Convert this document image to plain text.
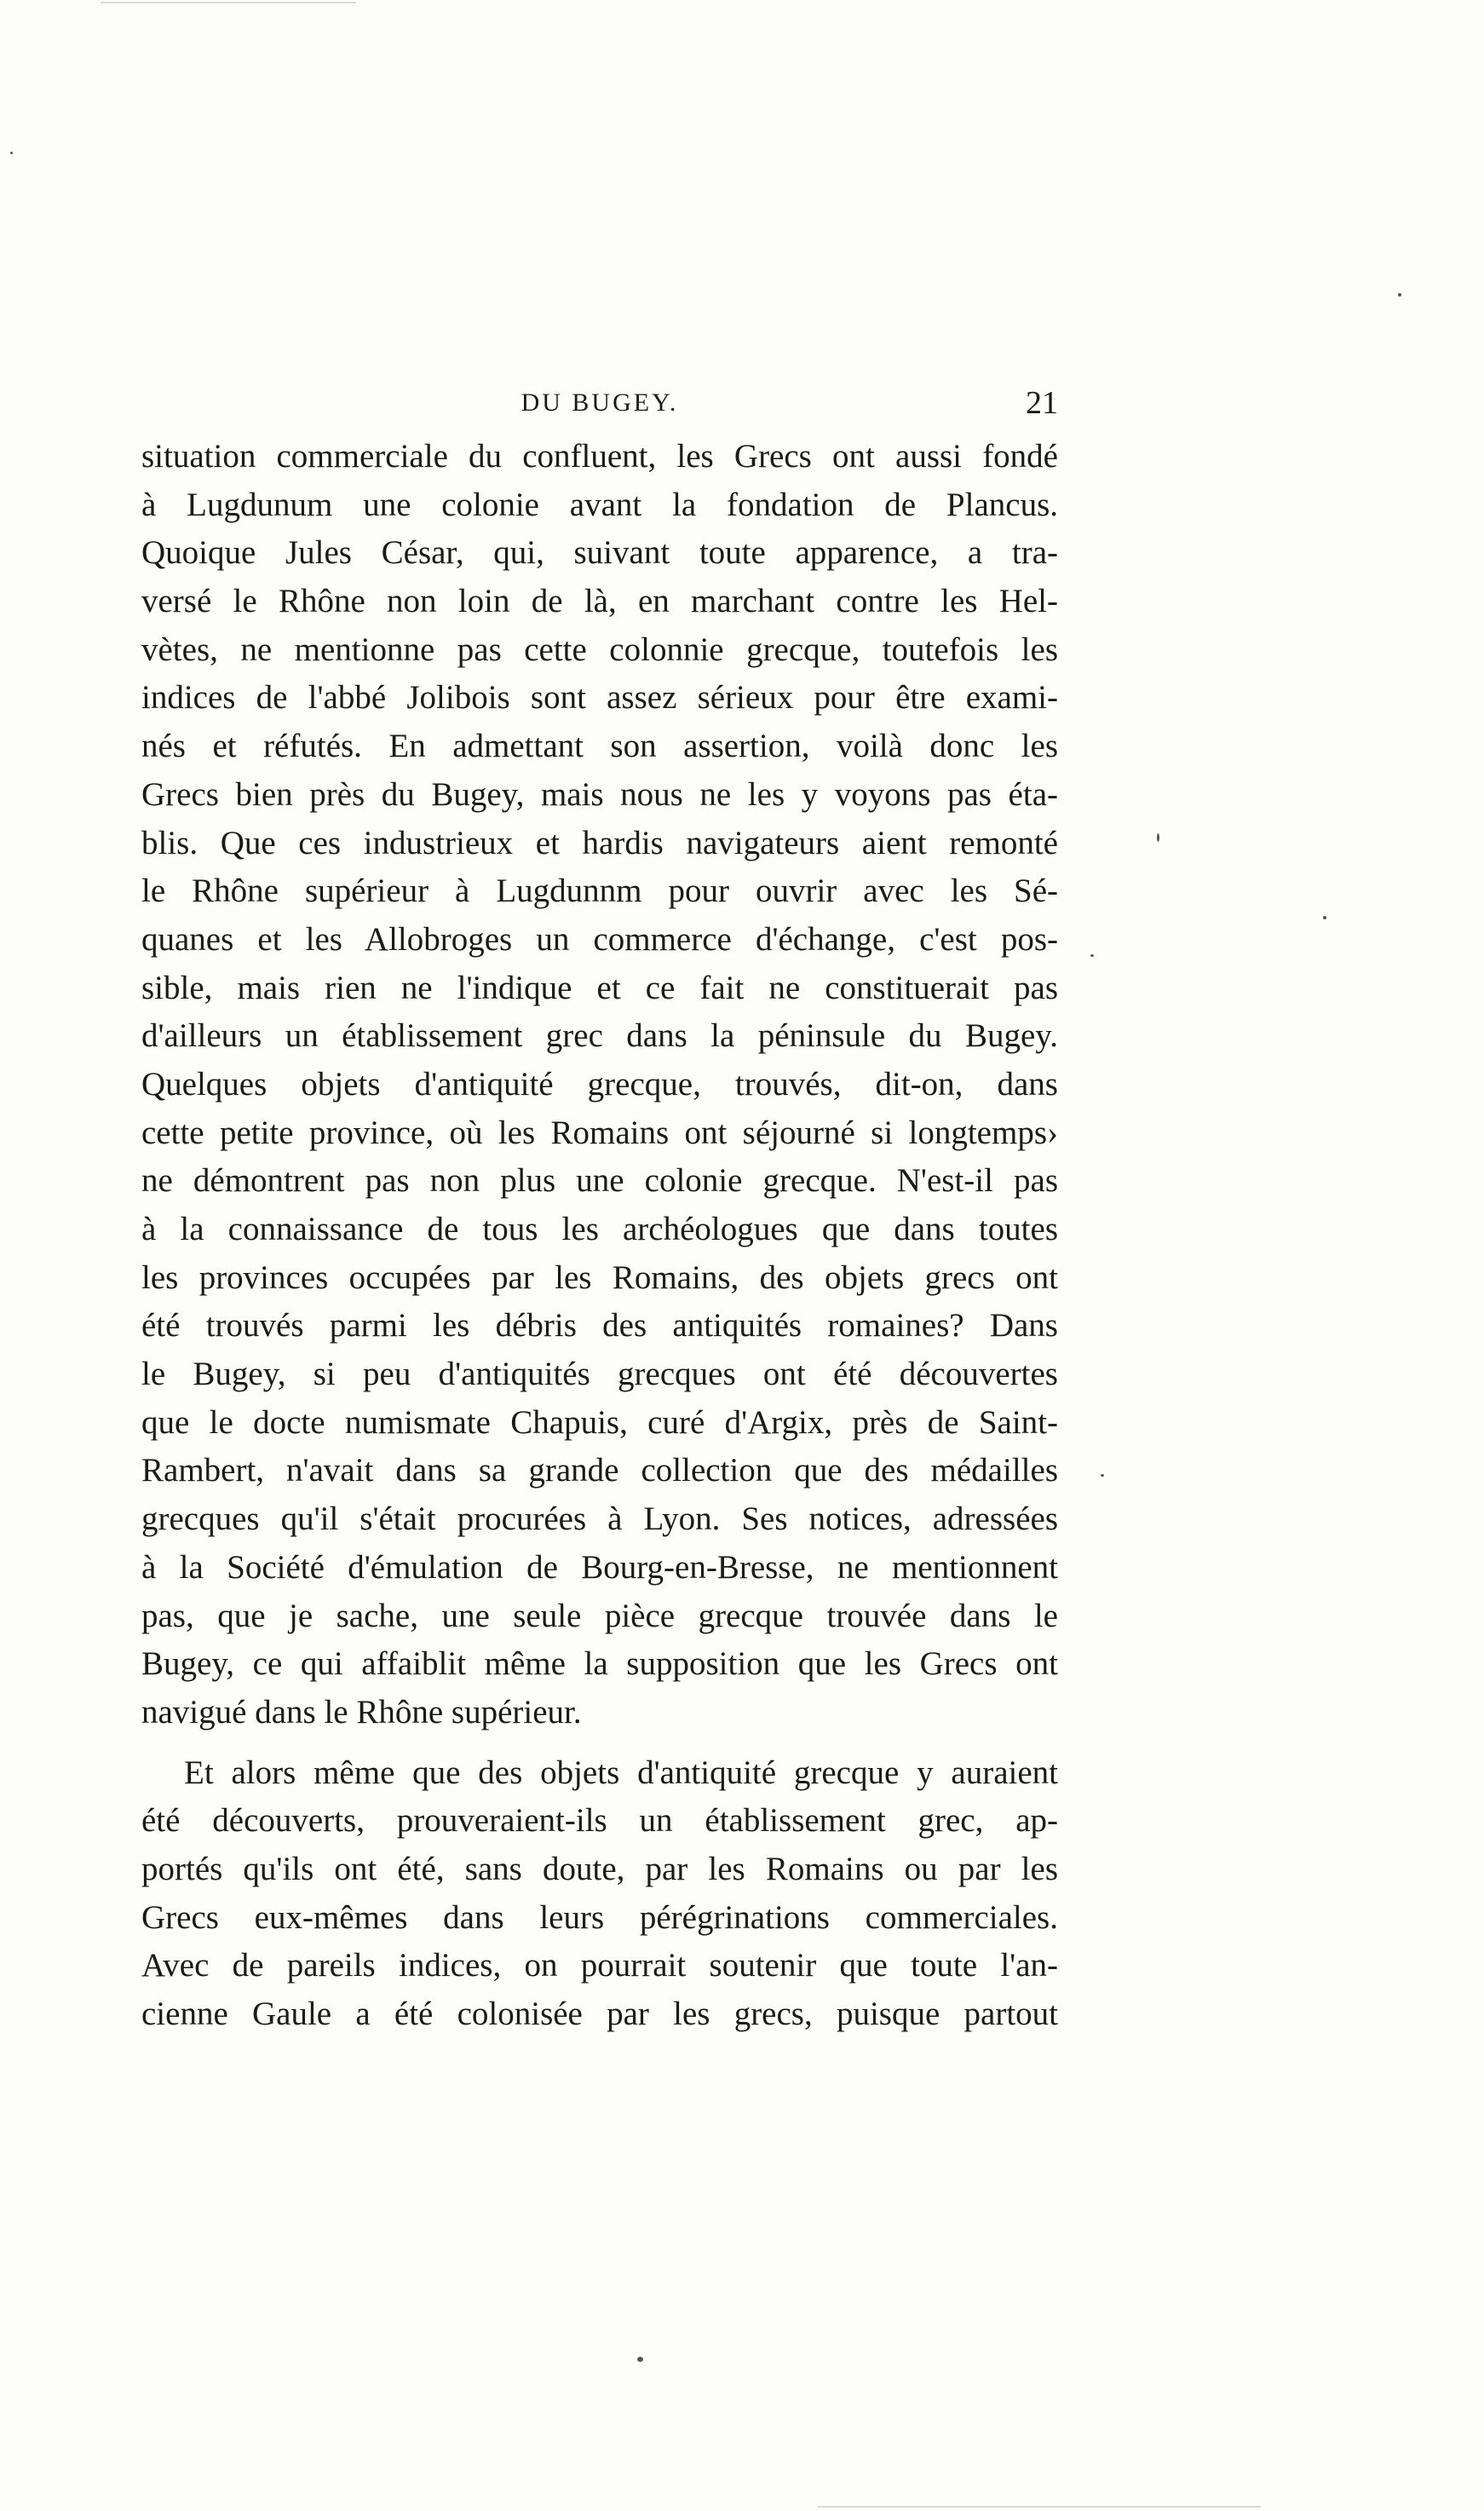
DU BUGEY.	21
situation commerciale du confluent, les Grecs ont aussi fondé
à Lugdunum une colonie avant la fondation de Plancus.
Quoique Jules César, qui, suivant toute apparence, a tra-
versé le Rhône non loin de là, en marchant contre les Hel-
vètes, ne mentionne pas cette colonnie grecque, toutefois les
indices de l'abbé Jolibois sont assez sérieux pour être exami-
nés et réfutés. En admettant son assertion, voilà donc les
Grecs bien près du Bugey, mais nous ne les y voyons pas éta-
blis. Que ces industrieux et hardis navigateurs aient remonté
le Rhône supérieur à Lugdunnm pour ouvrir avec les Sé-
quanes et les Allobroges un commerce d'échange, c'est pos-
sible, mais rien ne l'indique et ce fait ne constituerait pas
d'ailleurs un établissement grec dans la péninsule du Bugey.
Quelques objets d'antiquité grecque, trouvés, dit-on, dans
cette petite province, où les Romains ont séjourné si longtemps›
ne démontrent pas non plus une colonie grecque. N'est-il pas
à la connaissance de tous les archéologues que dans toutes
les provinces occupées par les Romains, des objets grecs ont
été trouvés parmi les débris des antiquités romaines? Dans
le Bugey, si peu d'antiquités grecques ont été découvertes
que le docte numismate Chapuis, curé d'Argix, près de Saint-
Rambert, n'avait dans sa grande collection que des médailles
grecques qu'il s'était procurées à Lyon. Ses notices, adressées
à la Société d'émulation de Bourg-en-Bresse, ne mentionnent
pas, que je sache, une seule pièce grecque trouvée dans le
Bugey, ce qui affaiblit même la supposition que les Grecs ont
navigué dans le Rhône supérieur.
Et alors même que des objets d'antiquité grecque y auraient
été découverts, prouveraient-ils un établissement grec, ap-
portés qu'ils ont été, sans doute, par les Romains ou par les
Grecs eux-mêmes dans leurs pérégrinations commerciales.
Avec de pareils indices, on pourrait soutenir que toute l'an-
cienne Gaule a été colonisée par les grecs, puisque partout
